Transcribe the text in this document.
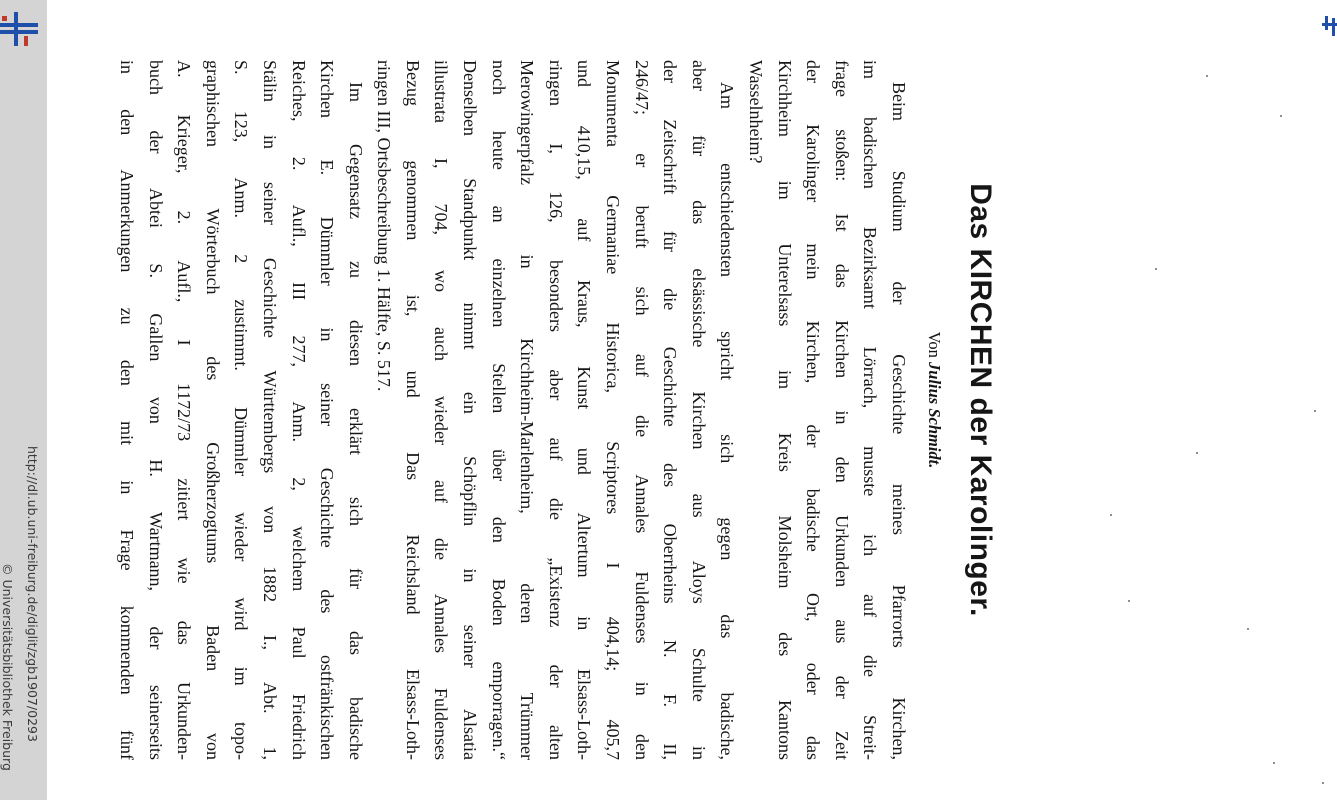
http://dl.ub.uni-freiburg.de/diglit/zgb1907/0293
© Universitätsbibliothek Freiburg
Das KIRCHEN der Karolinger.
Von Julius Schmidt.
Beim Studium der Geschichte meines Pfarrorts Kirchen,
im badischen Bezirksamt Lörrach, musste ich auf die Streit-
frage stoßen: Ist das Kirchen in den Urkunden aus der Zeit
der Karolinger mein Kirchen, der badische Ort, oder das
Kirchheim im Unterelsass im Kreis Molsheim des Kantons
Wasselnheim?
Am entschiedensten spricht sich gegen das badische,
aber für das elsässische Kirchen aus Aloys Schulte in
der Zeitschrift für die Geschichte des Oberrheins N. F. II,
246/47; er beruft sich auf die Annales Fuldenses in den
Monumenta Germaniae Historica, Scriptores I 404,14; 405,7
und 410,15, auf Kraus, Kunst und Altertum in Elsass-Loth-
ringen I, 126, besonders aber auf die „Existenz der alten
Merowingerpfalz in Kirchheim-Marlenheim, deren Trümmer
noch heute an einzelnen Stellen über den Boden emporragen.“
Denselben Standpunkt nimmt ein Schöpflin in seiner Alsatia
illustrata I, 704, wo auch wieder auf die Annales Fuldenses
Bezug genommen ist, und Das Reichsland Elsass-Loth-
ringen III, Ortsbeschreibung 1. Hälfte, S. 517.
Im Gegensatz zu diesen erklärt sich für das badische
Kirchen E. Dümmler in seiner Geschichte des ostfränkischen
Reiches, 2. Aufl., III 277, Anm. 2, welchem Paul Friedrich
Stälin in seiner Geschichte Württembergs von 1882 I., Abt. 1,
S. 123, Anm. 2 zustimmt. Dümmler wieder wird im topo-
graphischen Wörterbuch des Großherzogtums Baden von
A. Krieger, 2. Aufl., I 1172/73 zitiert wie das Urkunden-
buch der Abtei S. Gallen von H. Wartmann, der seinerseits
in den Anmerkungen zu den mit in Frage kommenden fünf
